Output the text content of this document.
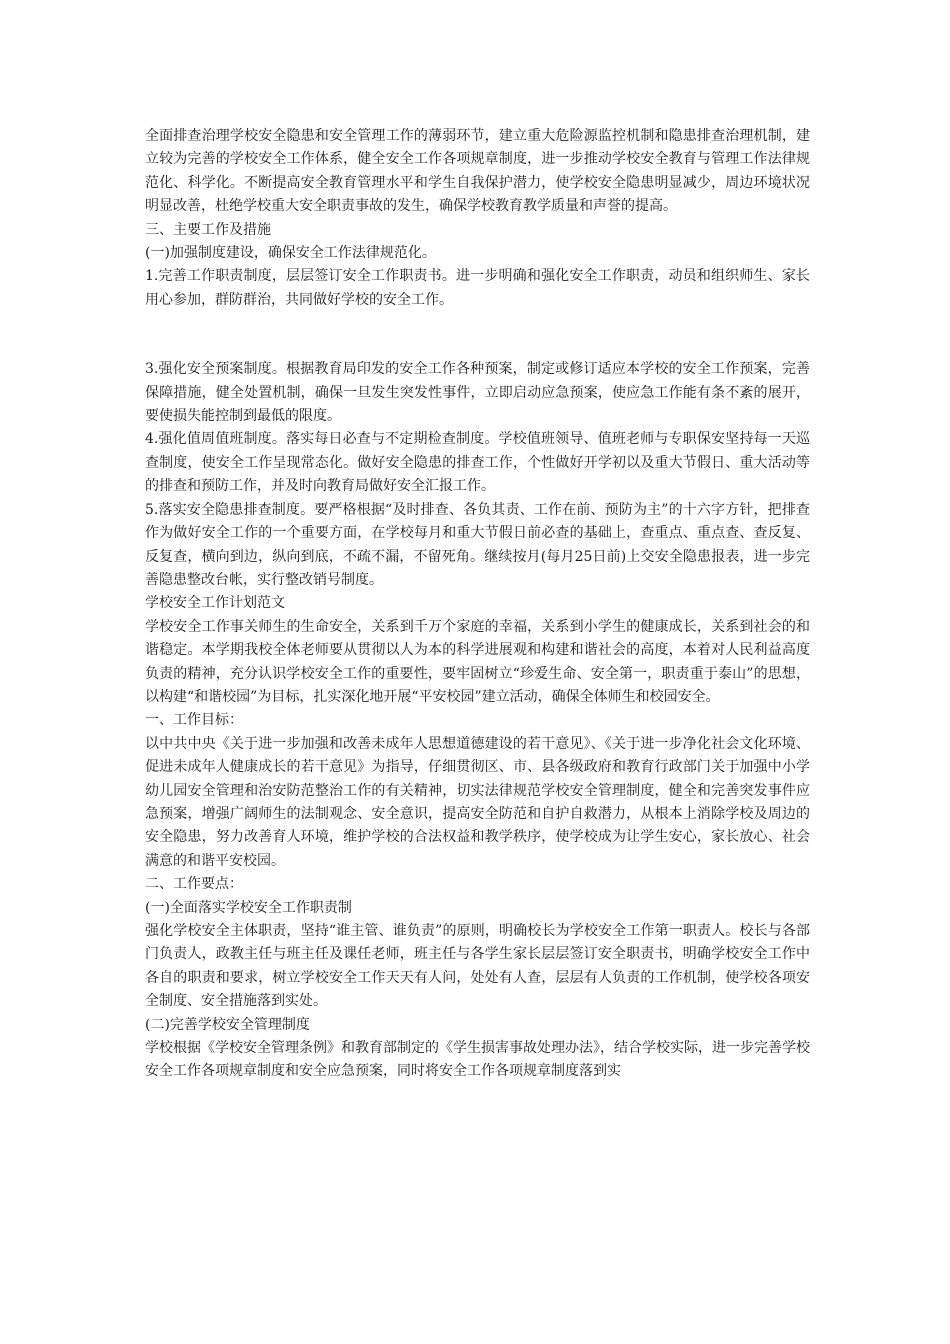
全面排查治理学校安全隐患和安全管理工作的薄弱环节，建立重大危险源监控机制和隐患排查治理机制，建立较为完善的学校安全工作体系，健全安全工作各项规章制度，进一步推动学校安全教育与管理工作法律规范化、科学化。不断提高安全教育管理水平和学生自我保护潜力，使学校安全隐患明显减少，周边环境状况明显改善，杜绝学校重大安全职责事故的发生，确保学校教育教学质量和声誉的提高。

三、主要工作及措施

(一)加强制度建设，确保安全工作法律规范化。

1.完善工作职责制度，层层签订安全工作职责书。进一步明确和强化安全工作职责，动员和组织师生、家长用心参加，群防群治，共同做好学校的安全工作。

3.强化安全预案制度。根据教育局印发的安全工作各种预案，制定或修订适应本学校的安全工作预案，完善保障措施，健全处置机制，确保一旦发生突发性事件，立即启动应急预案，使应急工作能有条不紊的展开，要使损失能控制到最低的限度。

4.强化值周值班制度。落实每日必查与不定期检查制度。学校值班领导、值班老师与专职保安坚持每一天巡查制度，使安全工作呈现常态化。做好安全隐患的排查工作，个性做好开学初以及重大节假日、重大活动等的排查和预防工作，并及时向教育局做好安全汇报工作。

5.落实安全隐患排查制度。要严格根据“及时排查、各负其责、工作在前、预防为主”的十六字方针，把排查作为做好安全工作的一个重要方面，在学校每月和重大节假日前必查的基础上，查重点、重点查、查反复、反复查，横向到边，纵向到底，不疏不漏，不留死角。继续按月(每月25日前)上交安全隐患报表，进一步完善隐患整改台帐，实行整改销号制度。

学校安全工作计划范文

学校安全工作事关师生的生命安全，关系到千万个家庭的幸福，关系到小学生的健康成长，关系到社会的和谐稳定。本学期我校全体老师要从贯彻以人为本的科学进展观和构建和谐社会的高度，本着对人民利益高度负责的精神，充分认识学校安全工作的重要性，要牢固树立“珍爱生命、安全第一，职责重于泰山”的思想，以构建“和谐校园”为目标，扎实深化地开展“平安校园”建立活动，确保全体师生和校园安全。

一、工作目标：

以中共中央《关于进一步加强和改善未成年人思想道德建设的若干意见》、《关于进一步净化社会文化环境、促进未成年人健康成长的若干意见》为指导，仔细贯彻区、市、县各级政府和教育行政部门关于加强中小学幼儿园安全管理和治安防范整治工作的有关精神，切实法律规范学校安全管理制度，健全和完善突发事件应急预案，增强广阔师生的法制观念、安全意识，提高安全防范和自护自救潜力，从根本上消除学校及周边的安全隐患，努力改善育人环境，维护学校的合法权益和教学秩序，使学校成为让学生安心，家长放心、社会满意的和谐平安校园。

二、工作要点：

(一)全面落实学校安全工作职责制

强化学校安全主体职责，坚持“谁主管、谁负责”的原则，明确校长为学校安全工作第一职责人。校长与各部门负责人，政教主任与班主任及课任老师，班主任与各学生家长层层签订安全职责书，明确学校安全工作中各自的职责和要求，树立学校安全工作天天有人问，处处有人查，层层有人负责的工作机制，使学校各项安全制度、安全措施落到实处。

(二)完善学校安全管理制度

学校根据《学校安全管理条例》和教育部制定的《学生损害事故处理办法》，结合学校实际，进一步完善学校安全工作各项规章制度和安全应急预案，同时将安全工作各项规章制度落到实
